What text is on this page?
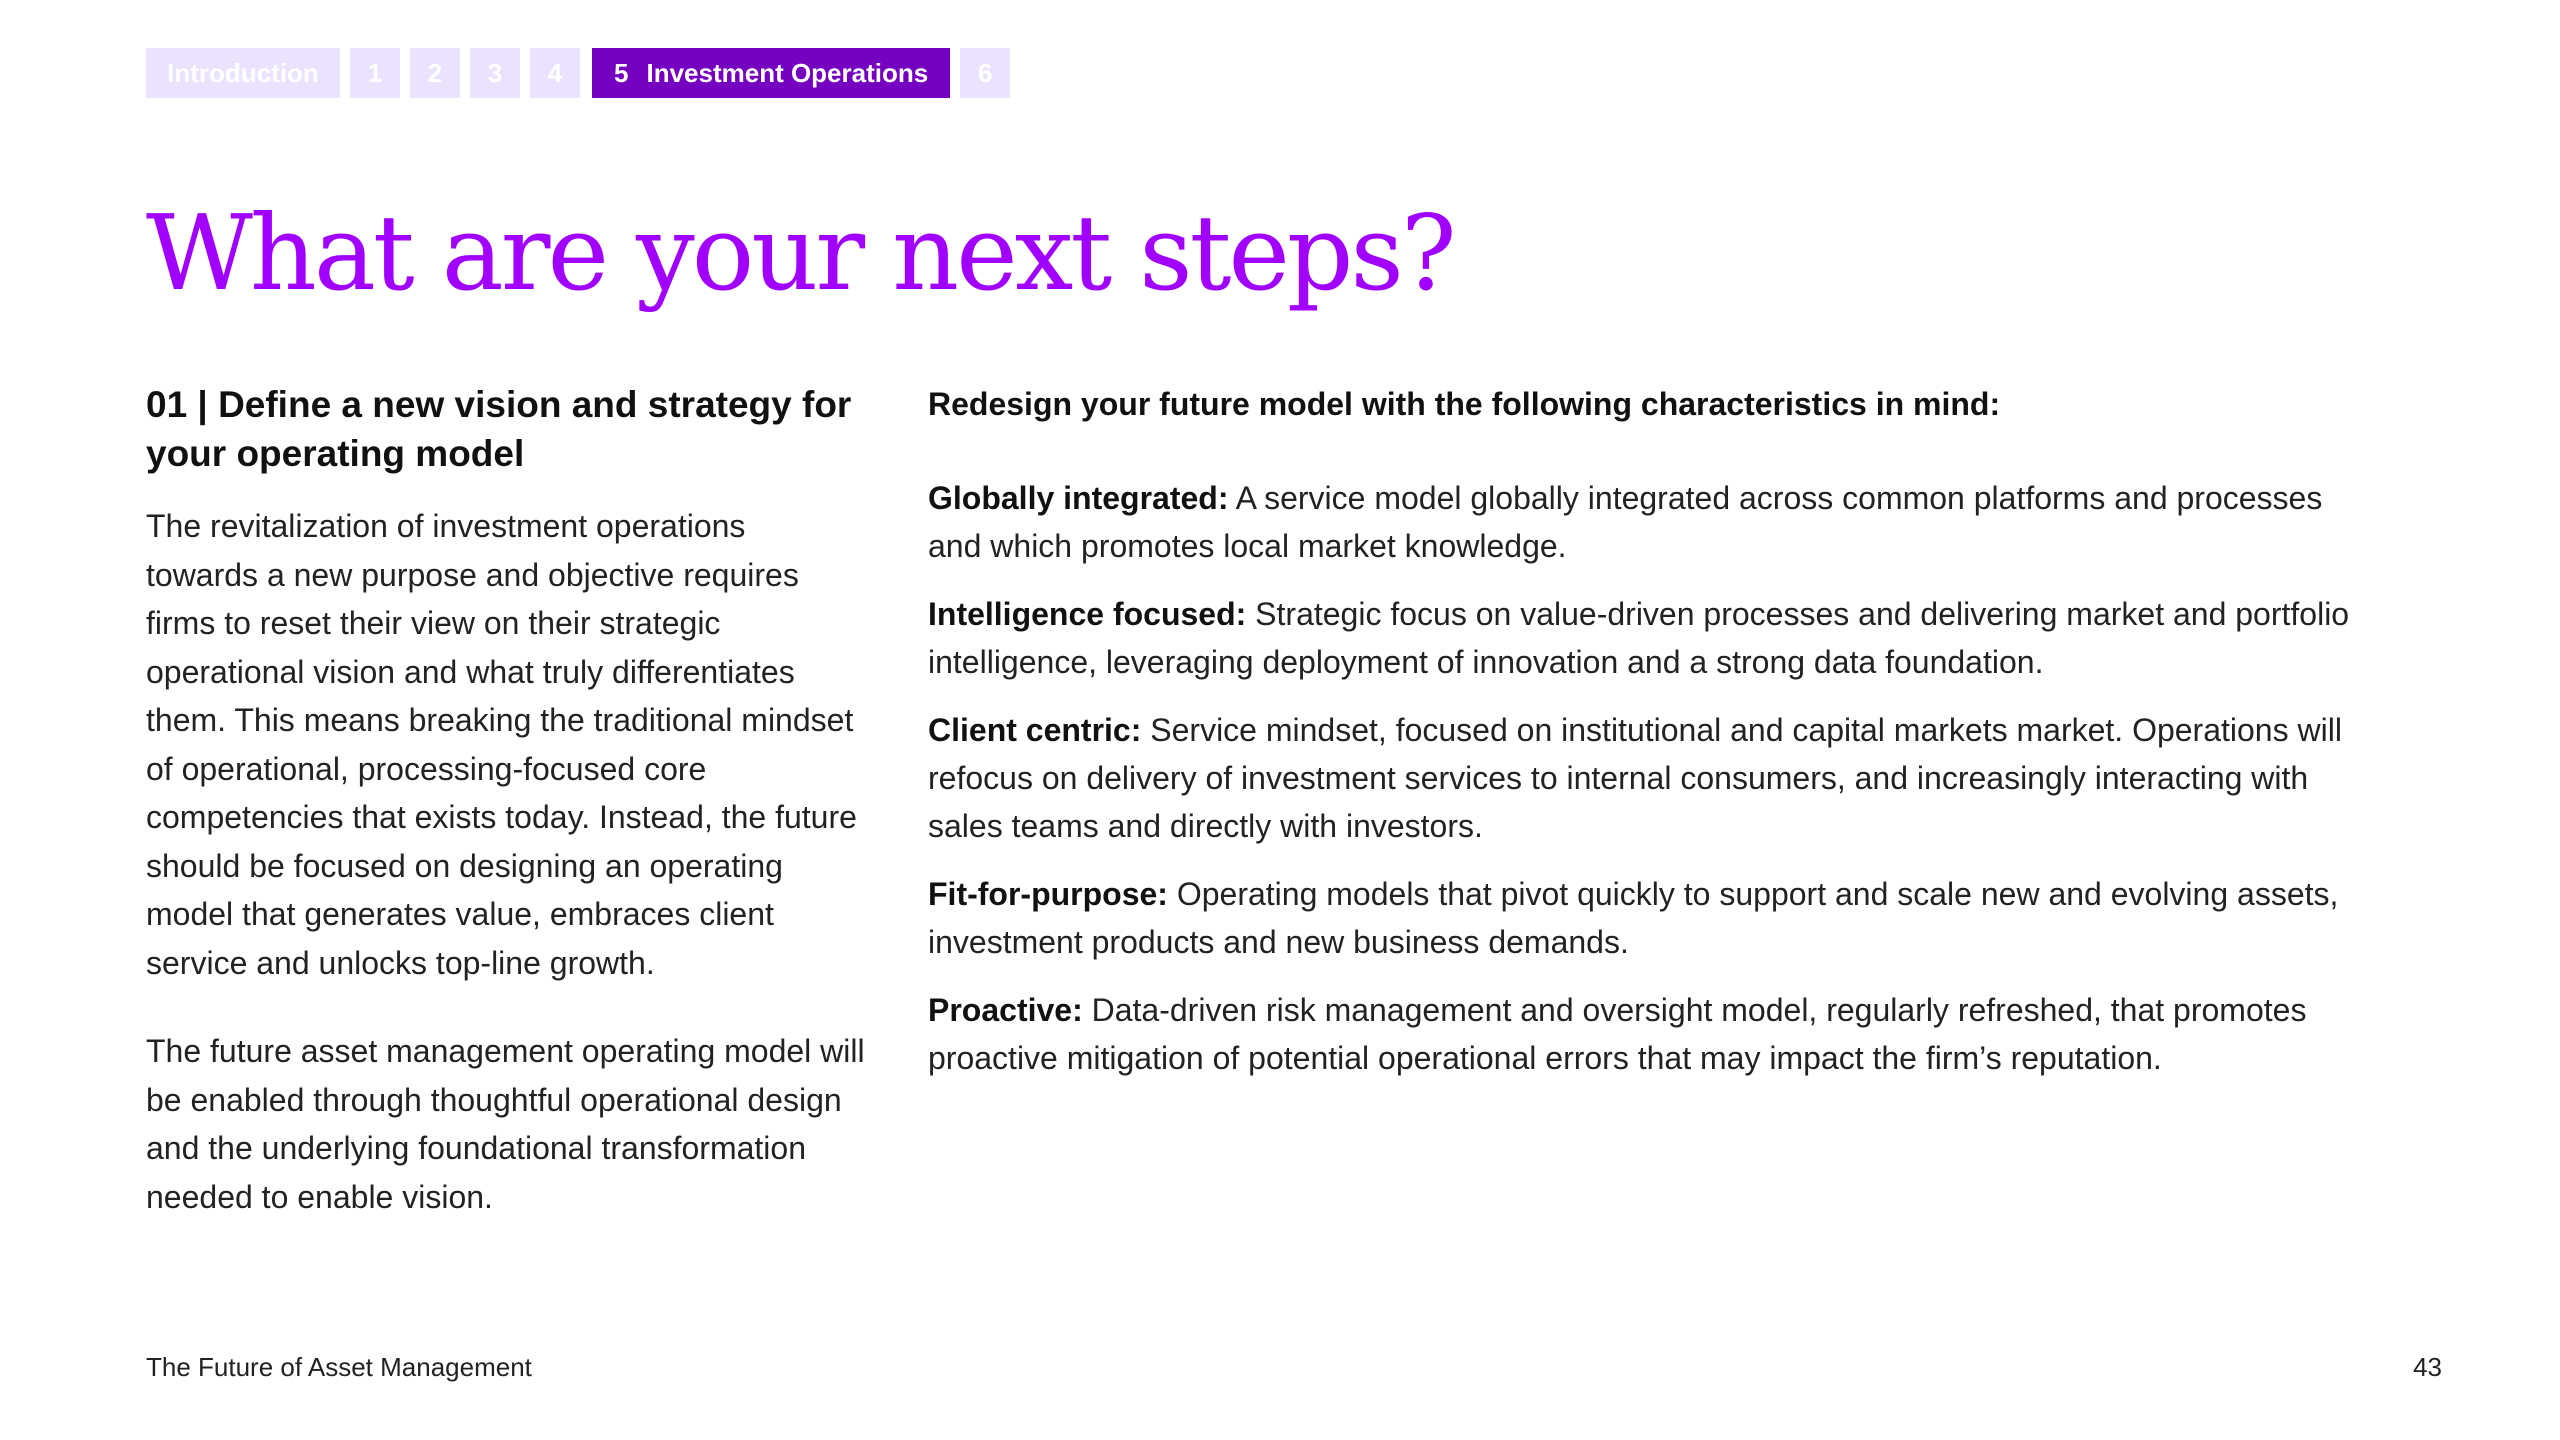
Introduction	1	2	3	4	5 Investment Operations	6
What are your next steps?
01 | Define a new vision and strategy for your operating model

The revitalization of investment operations towards a new purpose and objective requires firms to reset their view on their strategic operational vision and what truly differentiates them. This means breaking the traditional mindset of operational, processing-focused core competencies that exists today. Instead, the future should be focused on designing an operating model that generates value, embraces client service and unlocks top-line growth.

The future asset management operating model will be enabled through thoughtful operational design and the underlying foundational transformation needed to enable vision.

Redesign your future model with the following characteristics in mind:

Globally integrated: A service model globally integrated across common platforms and processes and which promotes local market knowledge.

Intelligence focused: Strategic focus on value-driven processes and delivering market and portfolio intelligence, leveraging deployment of innovation and a strong data foundation.

Client centric: Service mindset, focused on institutional and capital markets market. Operations will refocus on delivery of investment services to internal consumers, and increasingly interacting with sales teams and directly with investors.

Fit-for-purpose: Operating models that pivot quickly to support and scale new and evolving assets, investment products and new business demands.

Proactive: Data-driven risk management and oversight model, regularly refreshed, that promotes proactive mitigation of potential operational errors that may impact the firm’s reputation.

The Future of Asset Management	43
